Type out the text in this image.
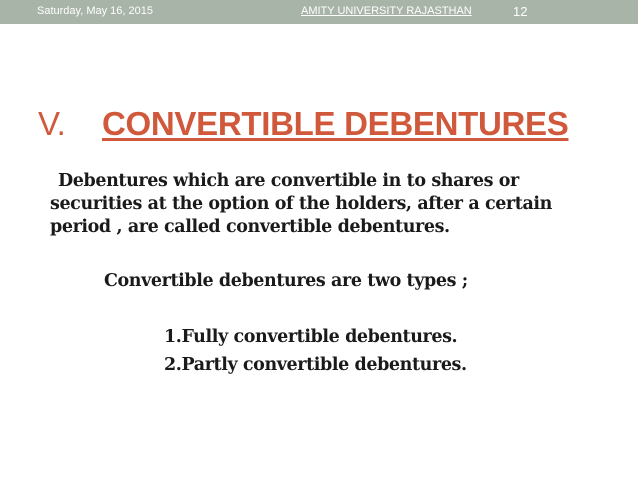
Saturday, May 16, 2015	AMITY UNIVERSITY RAJASTHAN	12
V. CONVERTIBLE DEBENTURES

Debentures which are convertible in to shares or securities at the option of the holders, after a certain period , are called convertible debentures.

Convertible debentures are two types ;

1.Fully convertible debentures.
2.Partly convertible debentures.
